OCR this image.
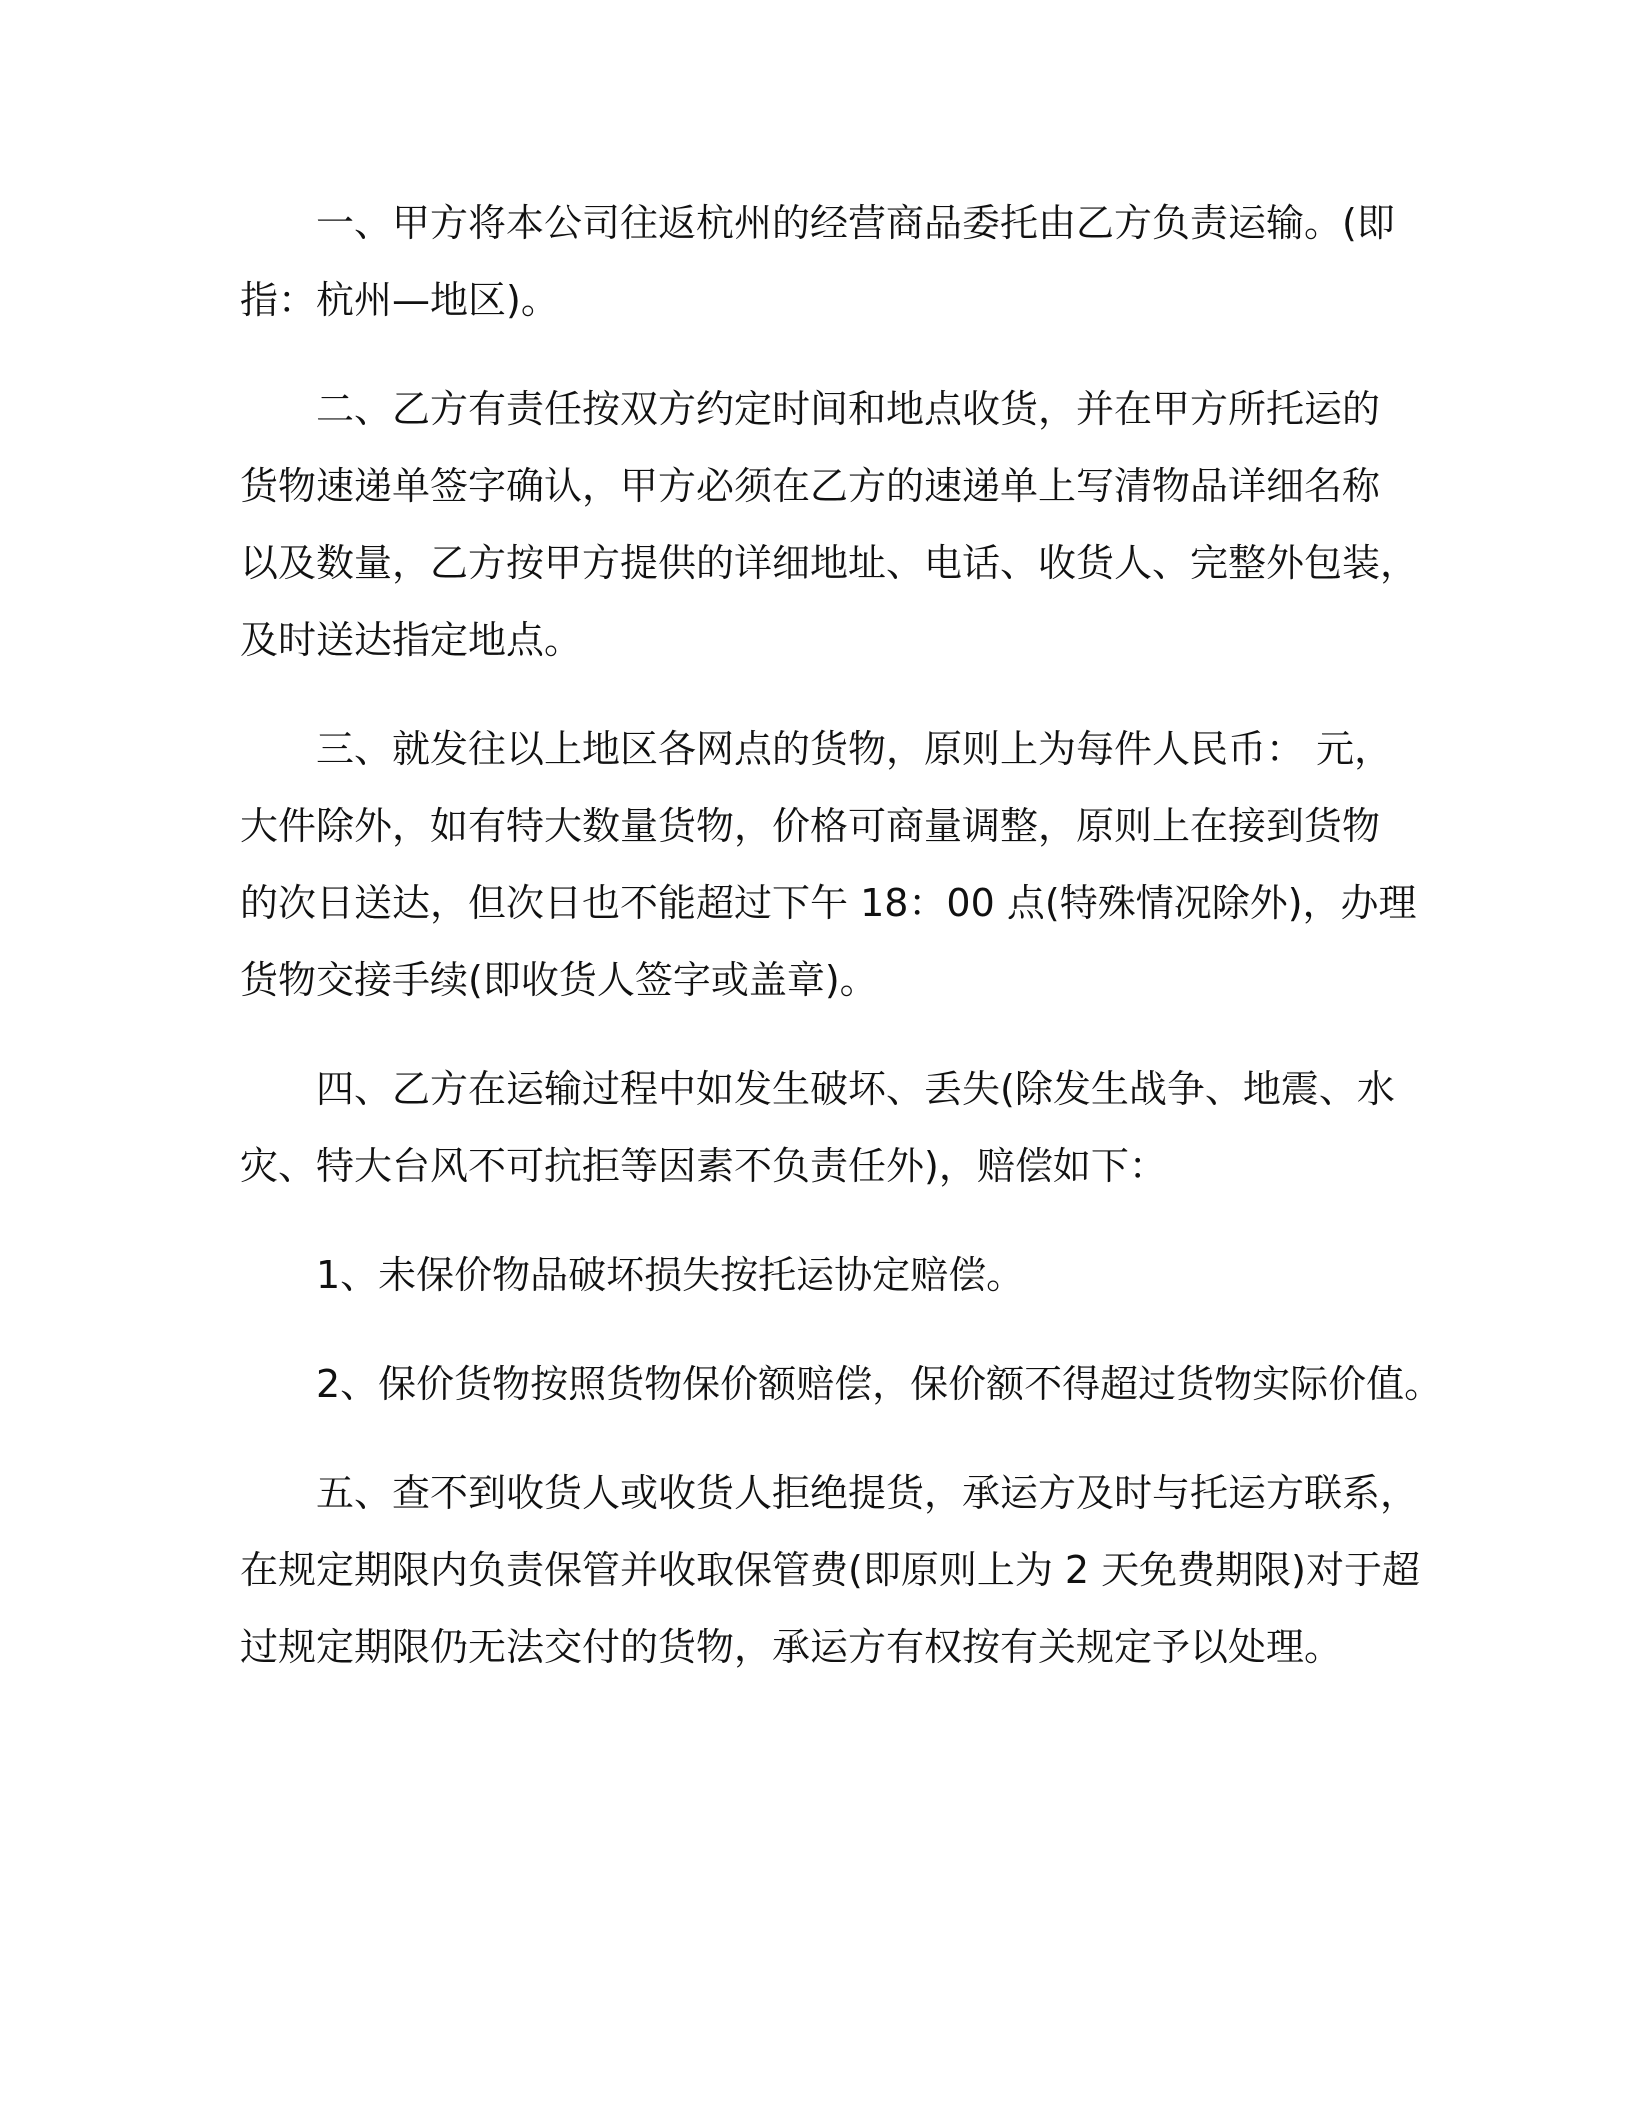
一、甲方将本公司往返杭州的经营商品委托由乙方负责运输。(即
指：杭州—地区)。

二、乙方有责任按双方约定时间和地点收货，并在甲方所托运的
货物速递单签字确认，甲方必须在乙方的速递单上写清物品详细名称
以及数量，乙方按甲方提供的详细地址、电话、收货人、完整外包装，
及时送达指定地点。

三、就发往以上地区各网点的货物，原则上为每件人民币： 元，
大件除外，如有特大数量货物，价格可商量调整，原则上在接到货物
的次日送达，但次日也不能超过下午 18：00 点(特殊情况除外)，办理
货物交接手续(即收货人签字或盖章)。

四、乙方在运输过程中如发生破坏、丢失(除发生战争、地震、水
灾、特大台风不可抗拒等因素不负责任外)，赔偿如下：

1、未保价物品破坏损失按托运协定赔偿。

2、保价货物按照货物保价额赔偿，保价额不得超过货物实际价值。

五、查不到收货人或收货人拒绝提货，承运方及时与托运方联系，
在规定期限内负责保管并收取保管费(即原则上为 2 天免费期限)对于超
过规定期限仍无法交付的货物，承运方有权按有关规定予以处理。
